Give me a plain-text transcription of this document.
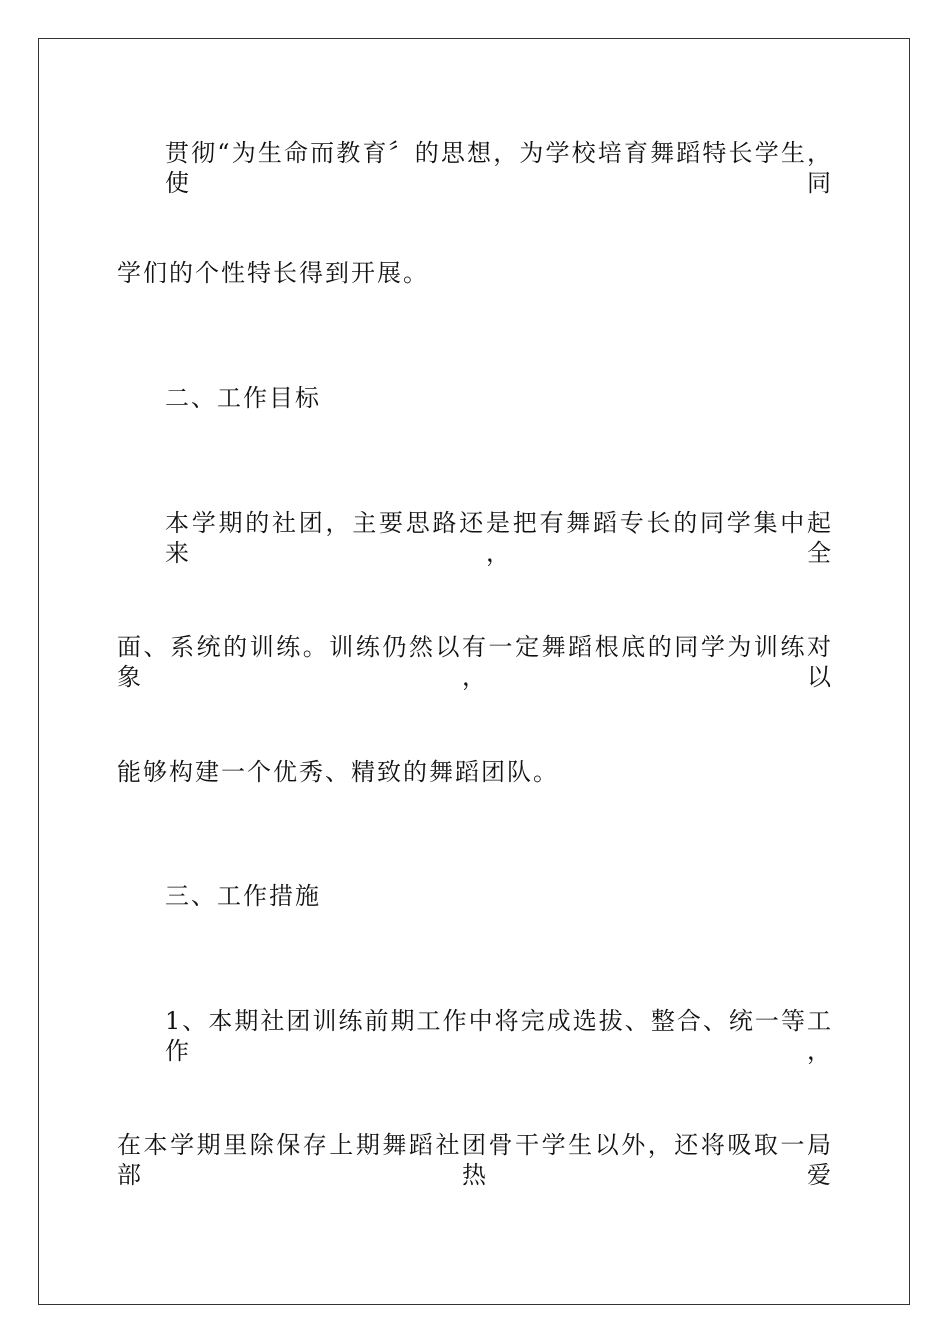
贯彻“为生命而教育〞的思想，为学校培育舞蹈特长学生，使同
学们的个性特长得到开展。
二、工作目标
本学期的社团，主要思路还是把有舞蹈专长的同学集中起来，全
面、系统的训练。训练仍然以有一定舞蹈根底的同学为训练对象，以
能够构建一个优秀、精致的舞蹈团队。
三、工作措施
1、本期社团训练前期工作中将完成选拔、整合、统一等工作，
在本学期里除保存上期舞蹈社团骨干学生以外，还将吸取一局部热爱
